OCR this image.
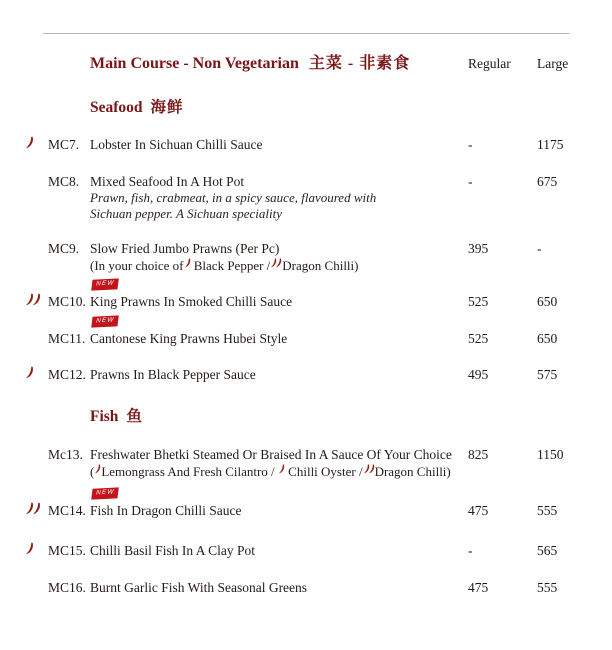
Main Course - Non Vegetarian 主菜 - 非素食	Regular	Large
Seafood 海鲜
MC7. Lobster In Sichuan Chilli Sauce	-	1175
MC8. Mixed Seafood In A Hot Pot
Prawn, fish, crabmeat, in a spicy sauce, flavoured with
Sichuan pepper. A Sichuan speciality
-	675
MC9. Slow Fried Jumbo Prawns (Per Pc)
(In your choice of Black Pepper / Dragon Chilli)
395	-
MC10.
NEW
King Prawns In Smoked Chilli Sauce	525	650
MC11.
NEW
Cantonese King Prawns Hubei Style	525	650
MC12. Prawns In Black Pepper Sauce	495	575
Fish 鱼
Mc13. Freshwater Bhetki Steamed Or Braised In A Sauce Of Your Choice
( Lemongrass And Fresh Cilantro /  Chilli Oyster / Dragon Chilli)
825	1150
MC14.
NEW
Fish In Dragon Chilli Sauce	475	555
MC15. Chilli Basil Fish In A Clay Pot	-	565
MC16. Burnt Garlic Fish With Seasonal Greens	475	555
